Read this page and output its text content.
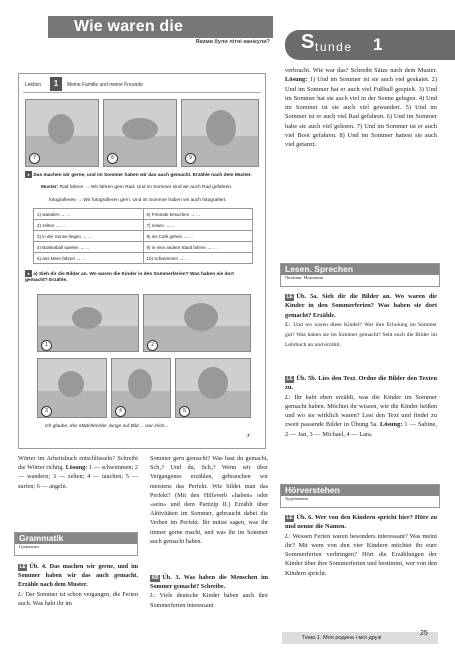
Wie waren die Sommerferien? Якими були літні канікули? S tunde 1
Lektion	1	Meine Familie und meine Freunde
7	8	9
● Das machen wir gerne, und im Sommer haben wir das auch gemacht. Erzähle nach dem Muster.
Muster: Rad fahren → Wir fahren gern Rad. Und im Sommer sind wir auch Rad gefahren.
fotografieren → Wir fotografieren gern. Und im Sommer haben wir auch fotografiert.
1) wandern → ...	6) Freunde besuchen → ...
2) zelten → ...	7) reisen → ...
3) in der Sonne liegen → ...	8) ins Café gehen → ...
4) Basketball spielen → ...	9) in eine andere Stadt fahren → ...
5) ans Meer fahren → ...	10) schwimmen → ...
● a) Sieh dir die Bilder an. Wo waren die Kinder in den Sommerferien? Was haben sie dort gemacht? Erzähle.
1	2
3	4	5
Ich glaube, das Mädchen/der Junge auf Bild ... war in/im...
7
verbracht. Wie war das? Schreibt Sätze nach dem Muster. Lösung: 1) Und im Sommer ist sie auch viel geskatet. 2) Und im Sommer hat er auch viel Fußball gespielt. 3) Und im Sommer hat sie auch viel in der Sonne gelegen. 4) Und im Sommer ist sie auch viel gewandert. 5) Und im Sommer ist er auch viel Rad gefahren. 6) Und im Sommer habe sie auch viel gelesen. 7) Und im Sommer ist er auch viel Boot gefahren. 8) Und im Sommer hattest sie auch viel getanzt.
Lesen. Sprechen
Читання. Мовлення
LE Üb. 5a. Sieh dir die Bilder an. Wo waren die Kinder in den Sommerferien? Was haben sie dort gemacht? Erzähle.
L: Und wo waren diese Kinder? War ihre Erholung im Sommer gut? Was haben sie im Sommer gemacht? Seht euch die Bilder im Lehrbuch an und erzählt.
LE Üb. 5b. Lies den Text. Ordne die Bilder den Texten zu.
L: Ihr habt eben erzählt, was die Kinder im Sommer gemacht haben. Möchtet ihr wissen, wie die Kinder heißen und wo sie wirklich waren? Lest den Text und findet zu zweit passende Bilder in Übung 5a. Lösung: 1 — Sabine, 2 — Jan, 3 — Michael, 4 — Lara.
Hörverstehen
Аудіювання
LE Üb. 6. Wer von den Kindern spricht hier? Höre zu und nenne die Namen.
L: Wessen Ferien waren besonders interessant? Was meint ihr? Mit wem von den vier Kindern möchtet ihr eure Sommerferien verbringen? Hört die Erzählungen der Kinder über ihre Sommerferien und bestimmt, wer von den Kindern spricht.
Wörter im Arbeitsbuch entschlüsseln? Schreibt die Wörter richtig. Lösung: 1 — schwimmen; 2 — wandern; 3 — zelten; 4 — tauchen; 5 — surfen; 6 — angeln.
Grammatik
Граматика
LE Üb. 4. Das machen wir gerne, und im Sommer haben wir das auch gemacht. Erzähle nach dem Muster.
L: Der Sommer ist schon vergangen, die Ferien auch. Was habt ihr im
Sommer gern gemacht? Was hast du gemacht, Sch₁? Und du, Sch₂? Wenn wir über Vergangenes erzählen, gebrauchen wir meistens das Perfekt. Wie bildet man das Perfekt? (Mit den Hilfsverb «haben» oder «sein» und dem Partizip II.) Erzählt über Aktivitäten im Sommer, gebraucht dabei die Verben im Perfekt. Ihr müsst sagen, was ihr immer gerne macht, und was ihr im Sommer auch gemacht haben.
AB Üb. 3. Was haben die Menschen im Sommer gemacht? Schreibe.
L: Viele deutsche Kinder haben auch ihre Sommerferien interessant
Тема 1. Моя родина і мої друзі
25
